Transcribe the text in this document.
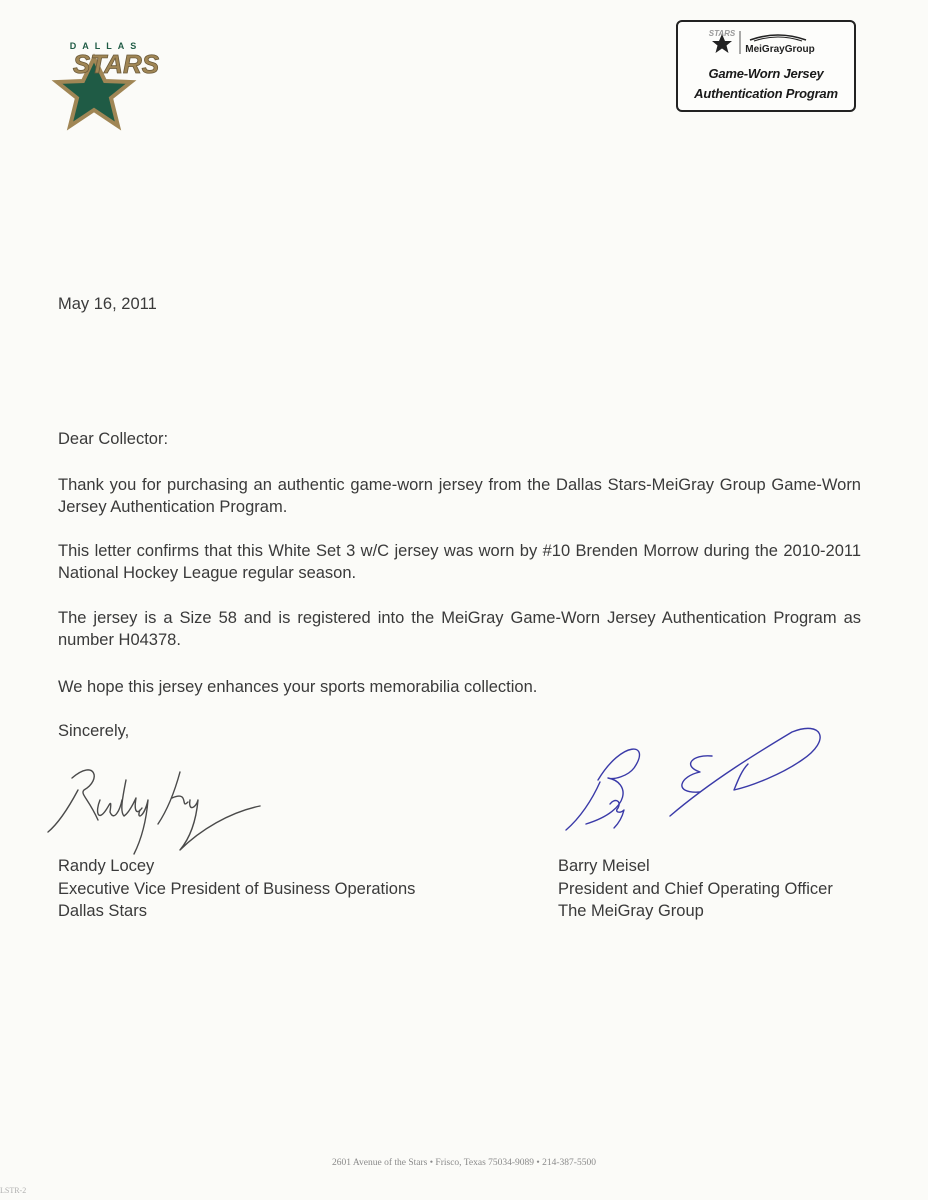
DALLAS
STARS
STARS
MeiGrayGroup
Game-Worn Jersey
Authentication Program
May 16, 2011
Dear Collector:
Thank you for purchasing an authentic game-worn jersey from the Dallas Stars-MeiGray Group Game-Worn Jersey Authentication Program.
This letter confirms that this White Set 3 w/C jersey was worn by #10 Brenden Morrow during the 2010-2011 National Hockey League regular season.
The jersey is a Size 58 and is registered into the MeiGray Game-Worn Jersey Authentication Program as number H04378.
We hope this jersey enhances your sports memorabilia collection.
Sincerely,
Randy Locey
Executive Vice President of Business Operations
Dallas Stars
Barry Meisel
President and Chief Operating Officer
The MeiGray Group
2601 Avenue of the Stars • Frisco, Texas 75034-9089 • 214-387-5500
LSTR-2
